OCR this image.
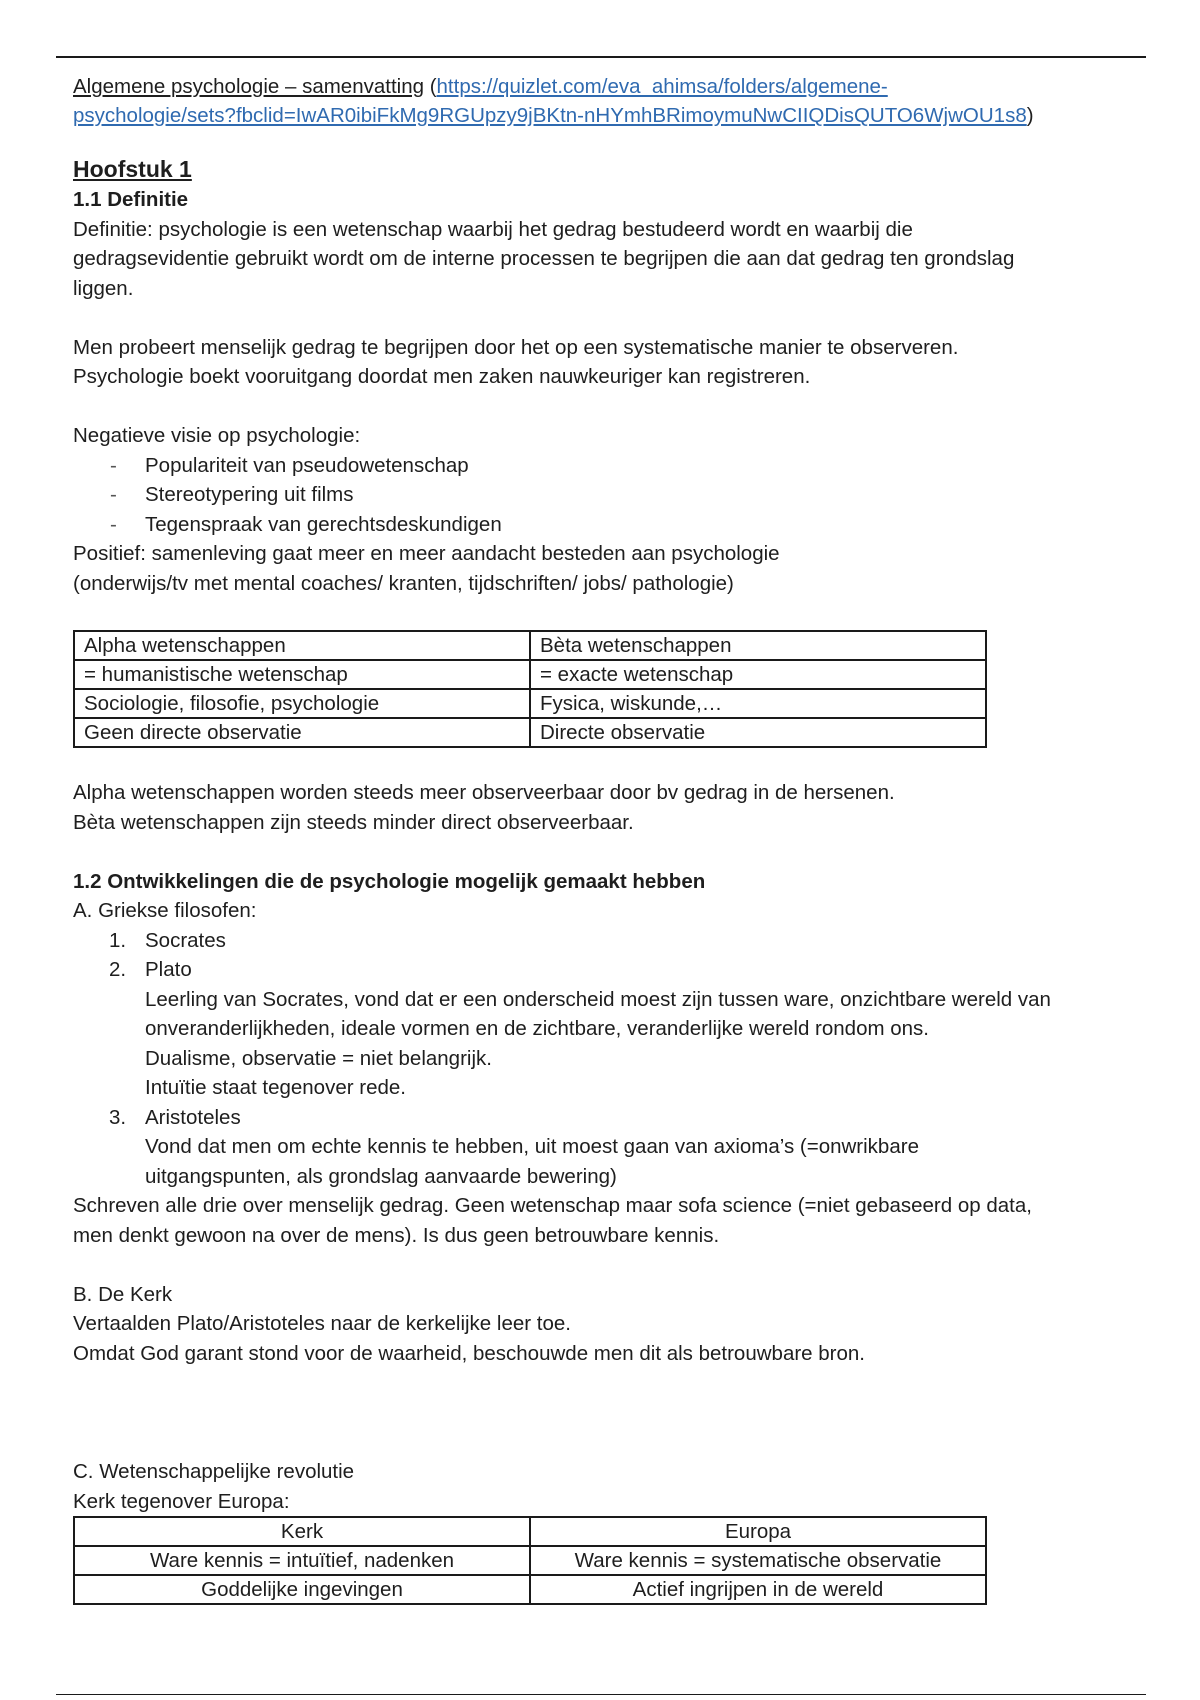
Algemene psychologie – samenvatting (https://quizlet.com/eva_ahimsa/folders/algemene-
psychologie/sets?fbclid=IwAR0ibiFkMg9RGUpzy9jBKtn-nHYmhBRimoymuNwCIIQDisQUTO6WjwOU1s8)

Hoofstuk 1

1.1 Definitie

Definitie: psychologie is een wetenschap waarbij het gedrag bestudeerd wordt en waarbij die

gedragsevidentie gebruikt wordt om de interne processen te begrijpen die aan dat gedrag ten grondslag

liggen.

Men probeert menselijk gedrag te begrijpen door het op een systematische manier te observeren.

Psychologie boekt vooruitgang doordat men zaken nauwkeuriger kan registreren.

Negatieve visie op psychologie:

- Populariteit van pseudowetenschap
- Stereotypering uit films
- Tegenspraak van gerechtsdeskundigen

Positief: samenleving gaat meer en meer aandacht besteden aan psychologie

(onderwijs/tv met mental coaches/ kranten, tijdschriften/ jobs/ pathologie)

Alpha wetenschappen	Bèta wetenschappen
= humanistische wetenschap	= exacte wetenschap
Sociologie, filosofie, psychologie	Fysica, wiskunde,…
Geen directe observatie	Directe observatie

Alpha wetenschappen worden steeds meer observeerbaar door bv gedrag in de hersenen.

Bèta wetenschappen zijn steeds minder direct observeerbaar.

1.2 Ontwikkelingen die de psychologie mogelijk gemaakt hebben

A. Griekse filosofen:

1. Socrates

2. Plato

Leerling van Socrates, vond dat er een onderscheid moest zijn tussen ware, onzichtbare wereld van

onveranderlijkheden, ideale vormen en de zichtbare, veranderlijke wereld rondom ons.

Dualisme, observatie = niet belangrijk.

Intuïtie staat tegenover rede.

3. Aristoteles

Vond dat men om echte kennis te hebben, uit moest gaan van axioma’s (=onwrikbare

uitgangspunten, als grondslag aanvaarde bewering)

Schreven alle drie over menselijk gedrag. Geen wetenschap maar sofa science (=niet gebaseerd op data,

men denkt gewoon na over de mens). Is dus geen betrouwbare kennis.

B. De Kerk

Vertaalden Plato/Aristoteles naar de kerkelijke leer toe.

Omdat God garant stond voor de waarheid, beschouwde men dit als betrouwbare bron.

C. Wetenschappelijke revolutie

Kerk tegenover Europa:

Kerk	Europa
Ware kennis = intuïtief, nadenken	Ware kennis = systematische observatie
Goddelijke ingevingen	Actief ingrijpen in de wereld
